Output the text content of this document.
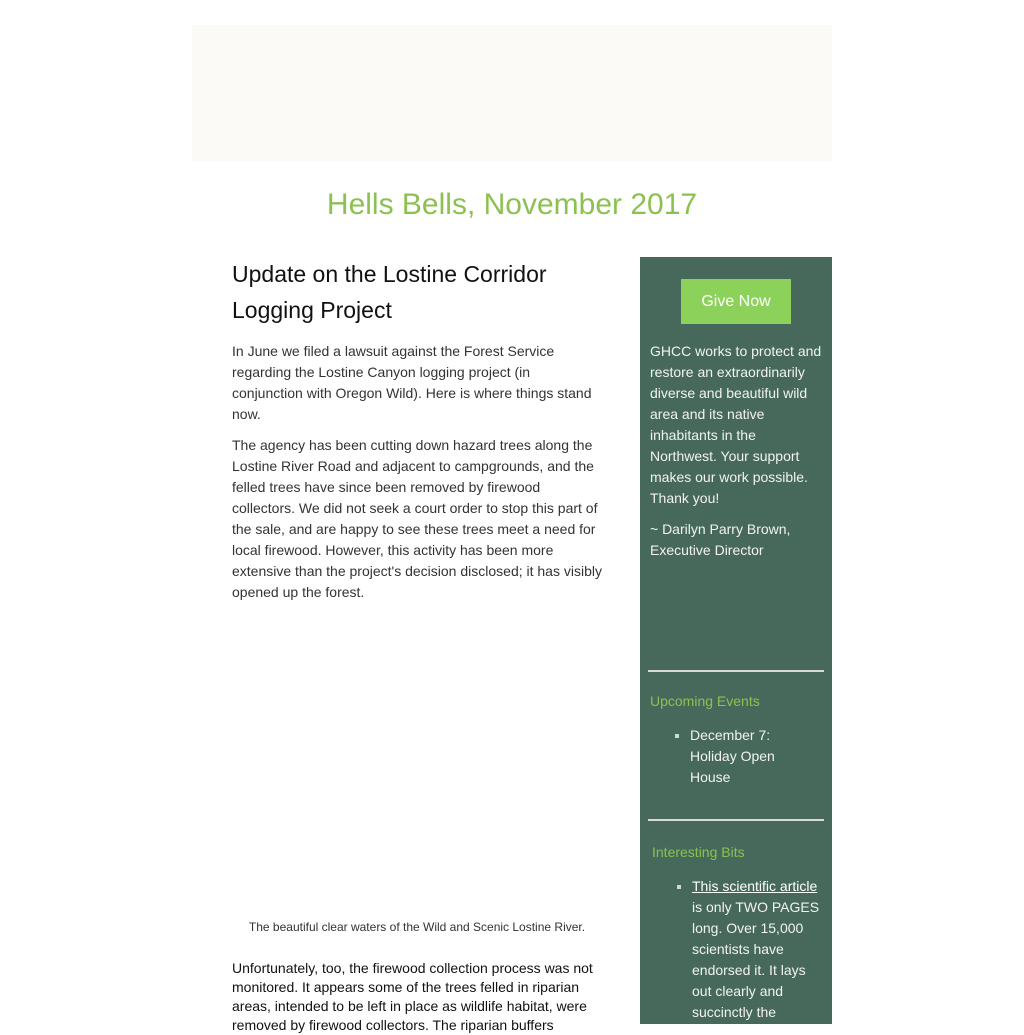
Hells Bells, November 2017
Update on the Lostine Corridor Logging Project

In June we filed a lawsuit against the Forest Service regarding the Lostine Canyon logging project (in conjunction with Oregon Wild). Here is where things stand now.

The agency has been cutting down hazard trees along the Lostine River Road and adjacent to campgrounds, and the felled trees have since been removed by firewood collectors. We did not seek a court order to stop this part of the sale, and are happy to see these trees meet a need for local firewood. However, this activity has been more extensive than the project's decision disclosed; it has visibly opened up the forest.

The beautiful clear waters of the Wild and Scenic Lostine River.

Unfortunately, too, the firewood collection process was not monitored. It appears some of the trees felled in riparian areas, intended to be left in place as wildlife habitat, were removed by firewood collectors. The riparian buffers

Give Now

GHCC works to protect and restore an extraordinarily diverse and beautiful wild area and its native inhabitants in the Northwest. Your support makes our work possible. Thank you!

~ Darilyn Parry Brown, Executive Director

Upcoming Events

December 7: Holiday Open House

Interesting Bits

This scientific article is only TWO PAGES long. Over 15,000 scientists have endorsed it. It lays out clearly and succinctly the
